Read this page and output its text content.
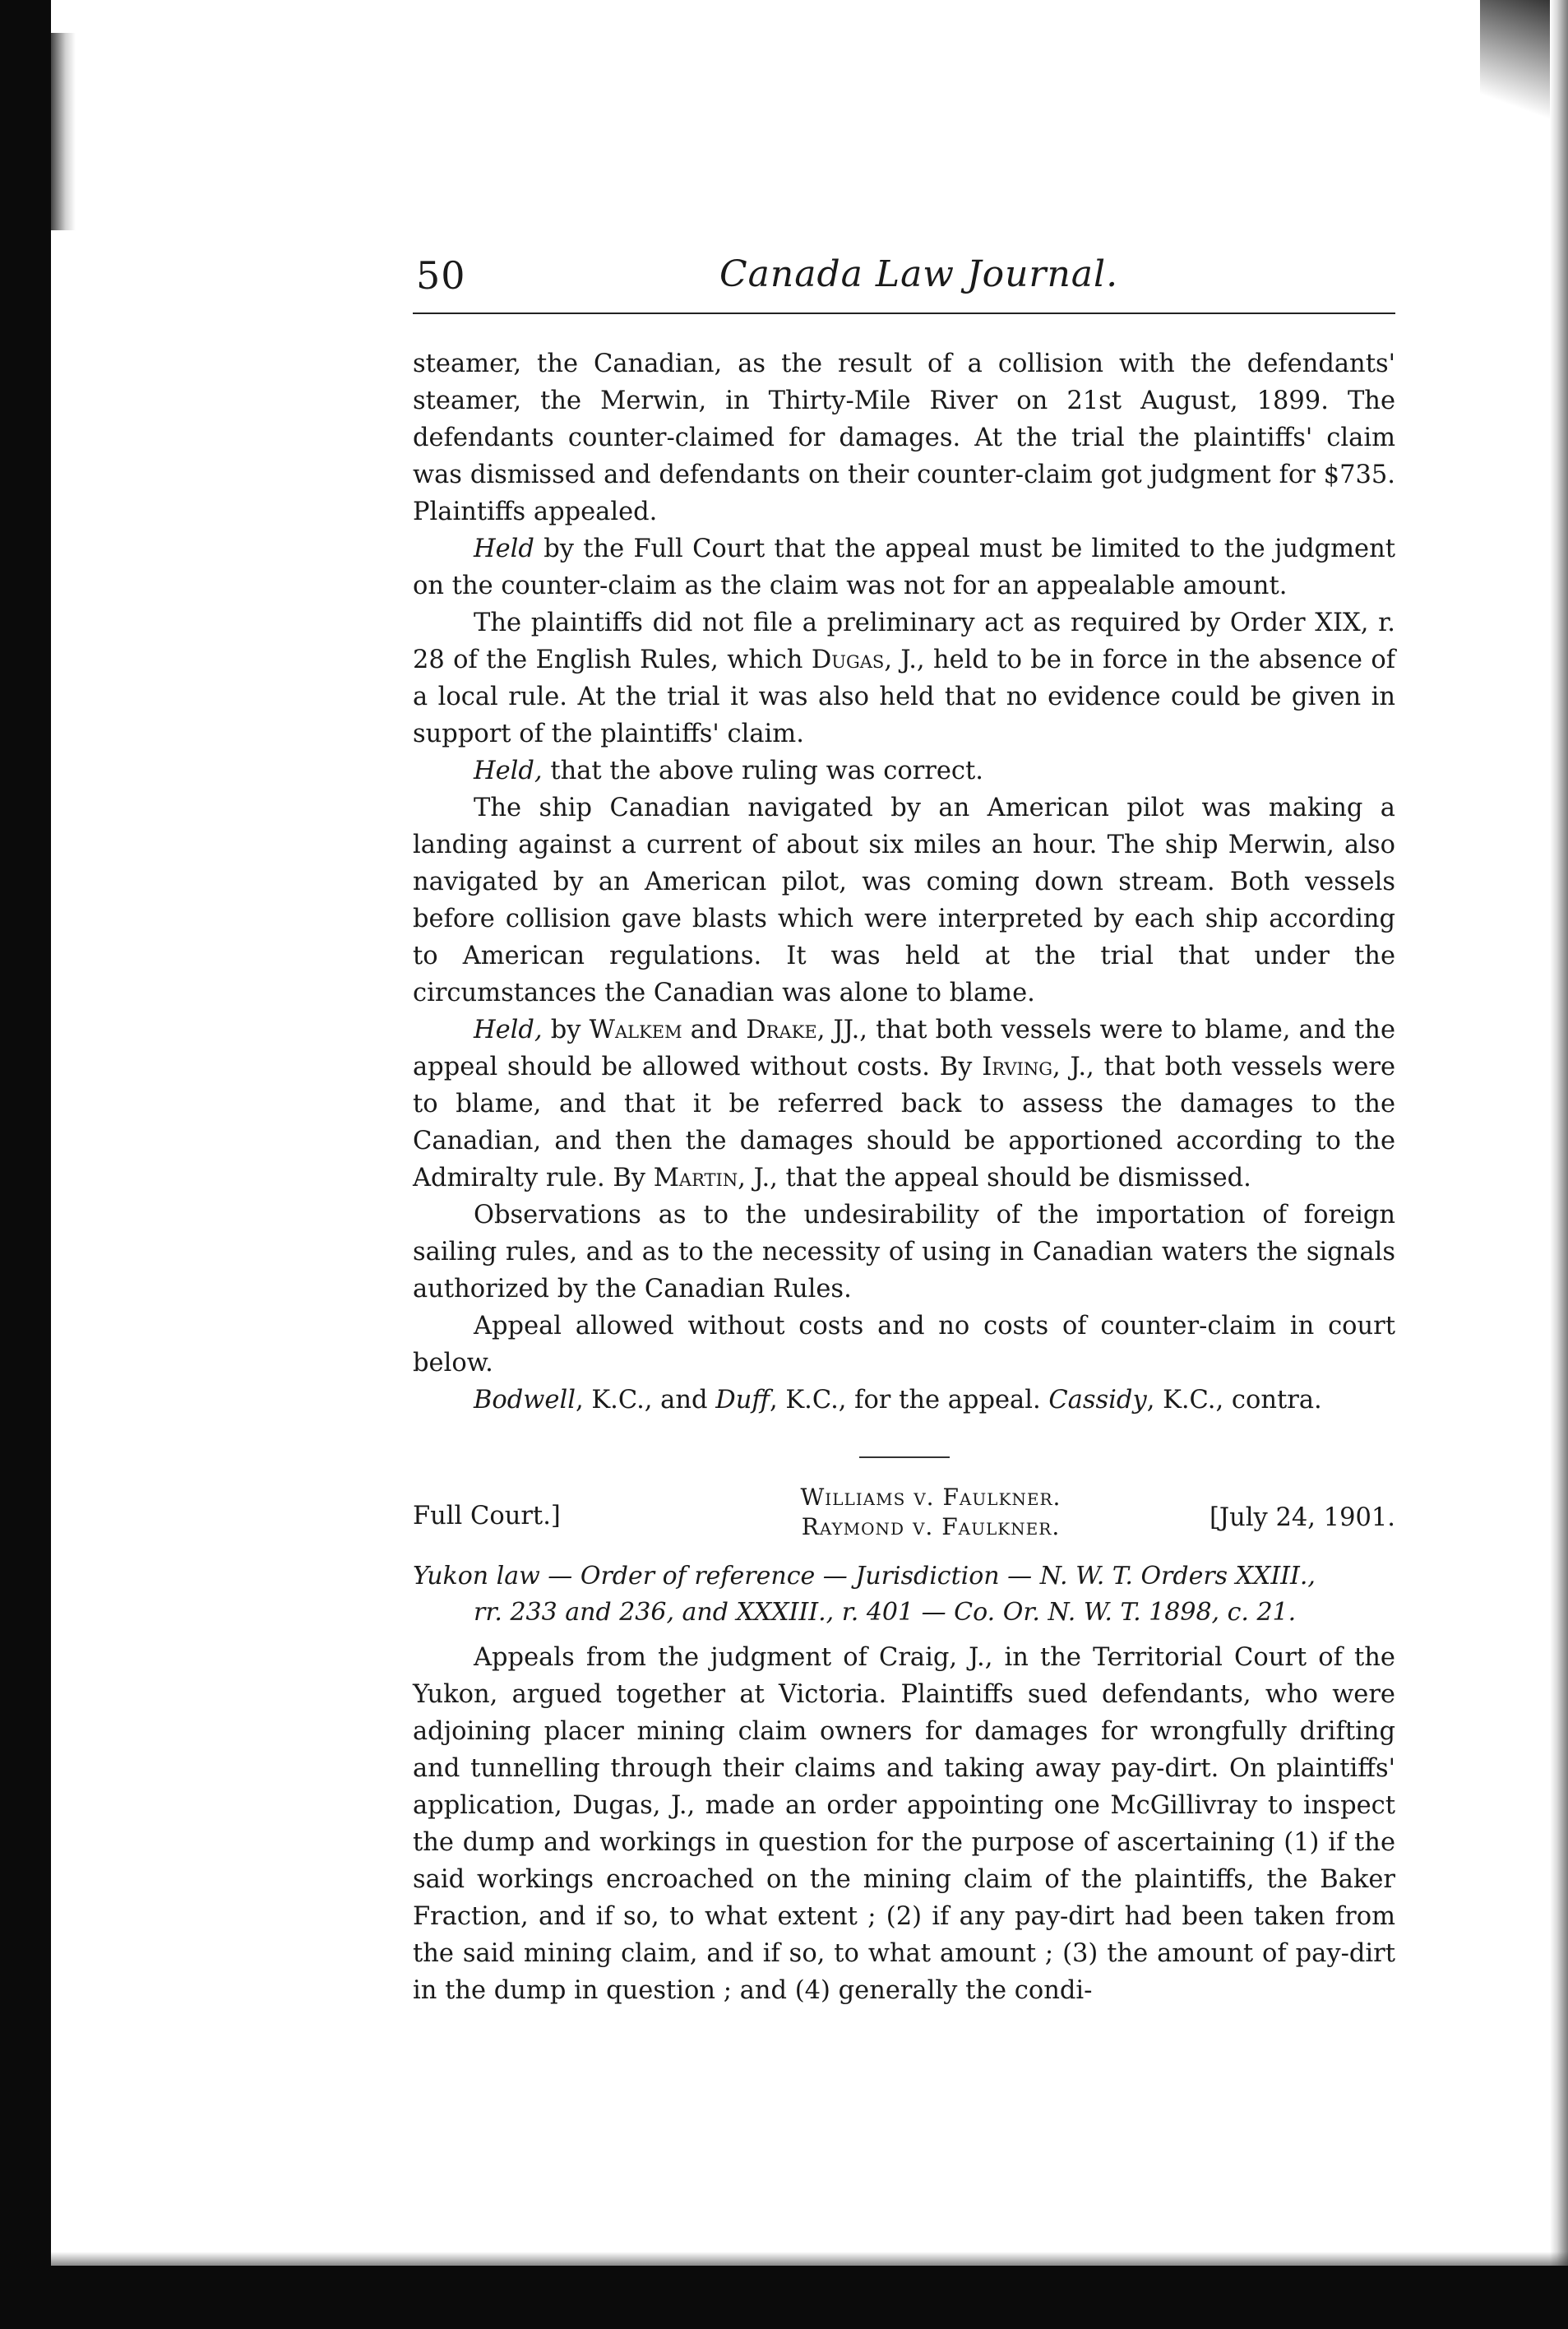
50	Canada Law Journal.

steamer, the Canadian, as the result of a collision with the defendants' steamer, the Merwin, in Thirty-Mile River on 21st August, 1899. The defendants counter-claimed for damages. At the trial the plaintiffs' claim was dismissed and defendants on their counter-claim got judgment for $735. Plaintiffs appealed.

Held by the Full Court that the appeal must be limited to the judgment on the counter-claim as the claim was not for an appealable amount.

The plaintiffs did not file a preliminary act as required by Order XIX, r. 28 of the English Rules, which Dugas, J., held to be in force in the absence of a local rule. At the trial it was also held that no evidence could be given in support of the plaintiffs' claim.

Held, that the above ruling was correct.

The ship Canadian navigated by an American pilot was making a landing against a current of about six miles an hour. The ship Merwin, also navigated by an American pilot, was coming down stream. Both vessels before collision gave blasts which were interpreted by each ship according to American regulations. It was held at the trial that under the circumstances the Canadian was alone to blame.

Held, by Walkem and Drake, JJ., that both vessels were to blame, and the appeal should be allowed without costs. By Irving, J., that both vessels were to blame, and that it be referred back to assess the damages to the Canadian, and then the damages should be apportioned according to the Admiralty rule. By Martin, J., that the appeal should be dismissed.

Observations as to the undesirability of the importation of foreign sailing rules, and as to the necessity of using in Canadian waters the signals authorized by the Canadian Rules.

Appeal allowed without costs and no costs of counter-claim in court below.

Bodwell, K.C., and Duff, K.C., for the appeal. Cassidy, K.C., contra.

Full Court.]
Williams v. Faulkner.
Raymond v. Faulkner.	[July 24, 1901.
Yukon law — Order of reference — Jurisdiction — N. W. T. Orders XXIII.,
rr. 233 and 236, and XXXIII., r. 401 — Co. Or. N. W. T. 1898, c. 21.

Appeals from the judgment of Craig, J., in the Territorial Court of the Yukon, argued together at Victoria. Plaintiffs sued defendants, who were adjoining placer mining claim owners for damages for wrongfully drifting and tunnelling through their claims and taking away pay-dirt. On plaintiffs' application, Dugas, J., made an order appointing one McGillivray to inspect the dump and workings in question for the purpose of ascertaining (1) if the said workings encroached on the mining claim of the plaintiffs, the Baker Fraction, and if so, to what extent ; (2) if any pay-dirt had been taken from the said mining claim, and if so, to what amount ; (3) the amount of pay-dirt in the dump in question ; and (4) generally the condi-
